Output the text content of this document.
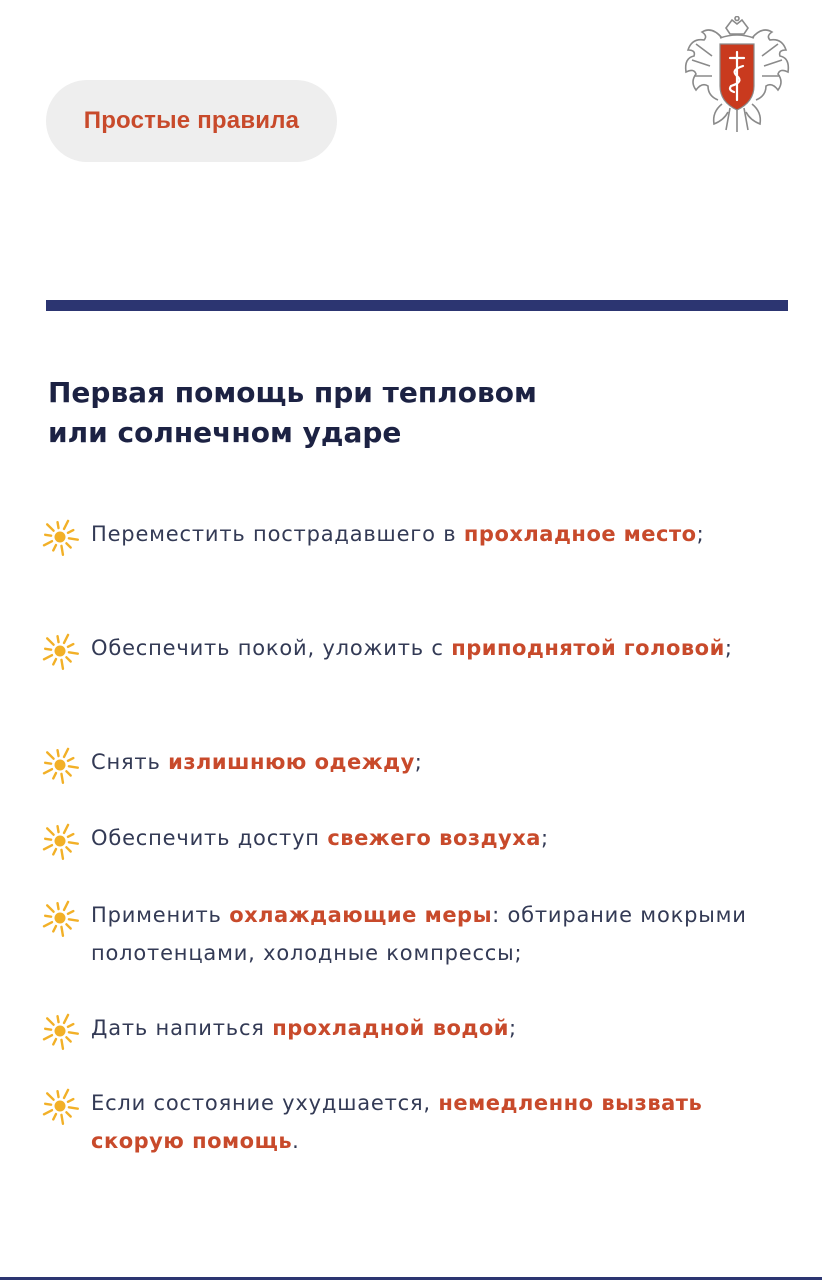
Простые правила
Первая помощь при тепловом
или солнечном ударе

Переместить пострадавшего в прохладное место;

Обеспечить покой, уложить с приподнятой головой;

Снять излишнюю одежду;

Обеспечить доступ свежего воздуха;

Применить охлаждающие меры: обтирание мокрыми полотенцами, холодные компрессы;

Дать напиться прохладной водой;

Если состояние ухудшается, немедленно вызвать скорую помощь.
